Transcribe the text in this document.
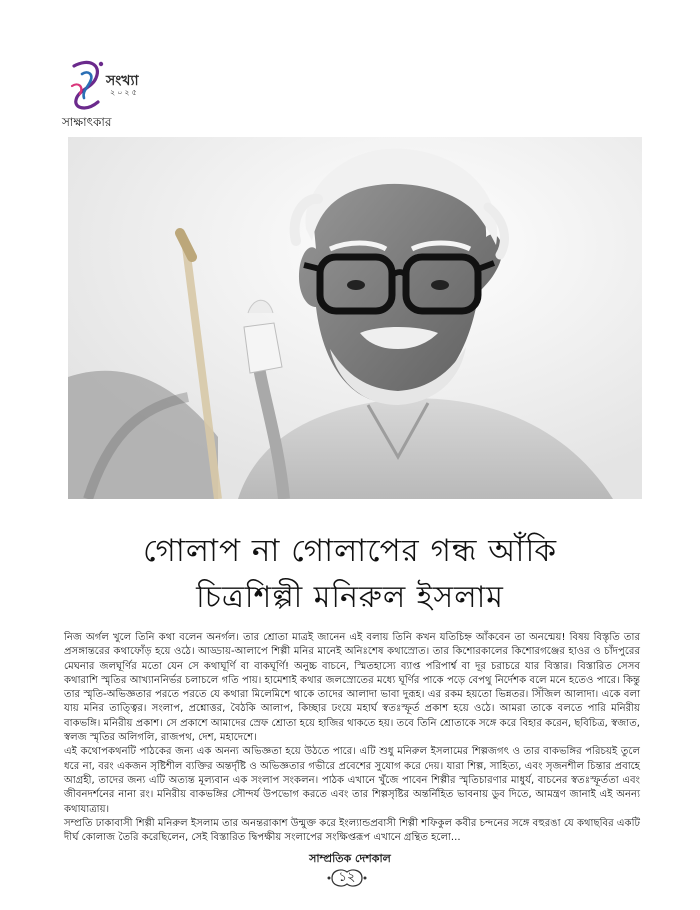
সংখ্যা
২০২৫
সাক্ষাৎকার
গোলাপ না গোলাপের গন্ধ আঁকি
চিত্রশিল্পী মনিরুল ইসলাম

নিজ অর্গল খুলে তিনি কথা বলেন অনর্গল। তার শ্রোতা মাত্রই জানেন এই বলায় তিনি কখন যতিচিহ্ন আঁকবেন তা অনন্মেয়! বিষয় বিস্তৃতি তার প্রসঙ্গান্তরের কথাফোঁড় হয়ে ওঠে। আড্ডায়-আলাপে শিল্পী মনির মানেই অনিঃশেষ কথাস্রোত। তার কিশোরকালের কিশোরগঞ্জের হাওর ও চাঁদপুরের মেঘনার জলঘূর্ণির মতো যেন সে কথাঘূর্ণি বা বাকঘূর্ণি! অনুচ্চ বাচনে, স্মিতহাস্যে ব্যাপ্ত পরিপার্শ্ব বা দূর চরাচরে যার বিস্তার। বিস্তারিত সেসব কথারাশি স্মৃতির আখ্যাননির্ভর চলাচলে গতি পায়। হামেশাই কথার জলস্রোতের মধ্যে ঘূর্ণির পাকে পড়ে বেপথু নির্দেশক বলে মনে হতেও পারে। কিন্তু তার স্মৃতি-অভিজ্ঞতার পরতে পরতে যে কথারা মিলেমিশে থাকে তাদের আলাদা ভাবা দুরূহ। এর রকম হয়তো ভিন্নতর। সিঁজিল আলাদা। একে বলা যায় মনির তাত্ত্বির। সংলাপ, প্রশ্নোত্তর, বৈঠকি আলাপ, কিচ্ছার ঢংয়ে মহার্ঘ স্বতঃস্ফূর্ত প্রকাশ হয়ে ওঠে। আমরা তাকে বলতে পারি মনিরীয় বাকভঙ্গি। মনিরীয় প্রকাশ। সে প্রকাশে আমাদের স্রেফ শ্রোতা হয়ে হাজির থাকতে হয়। তবে তিনি শ্রোতাকে সঙ্গে করে বিহার করেন, ছবিচিত্র, স্বজাত, স্বলজ স্মৃতির অলিগলি, রাজপথ, দেশ, মহাদেশে।

এই কথোপকথনটি পাঠকের জন্য এক অনন্য অভিজ্ঞতা হয়ে উঠতে পারে। এটি শুধু মনিরুল ইসলামের শিল্পজগৎ ও তার বাকভঙ্গির পরিচয়ই তুলে ধরে না, বরং একজন সৃষ্টিশীল ব্যক্তির অন্তর্দৃষ্টি ও অভিজ্ঞতার গভীরে প্রবেশের সুযোগ করে দেয়। যারা শিল্প, সাহিত্য, এবং সৃজনশীল চিন্তার প্রবাহে আগ্রহী, তাদের জন্য এটি অত্যন্ত মূল্যবান এক সংলাপ সংকলন। পাঠক এখানে খুঁজে পাবেন শিল্পীর স্মৃতিচারণার মাধুর্য, বাচনের স্বতঃস্ফূর্ততা এবং জীবনদর্শনের নানা রং। মনিরীয় বাকভঙ্গির সৌন্দর্য উপভোগ করতে এবং তার শিল্পসৃষ্টির অন্তর্নিহিত ভাবনায় ডুব দিতে, আমন্ত্রণ জানাই এই অনন্য কথাযাত্রায়।

সম্প্রতি ঢাকাবাসী শিল্পী মনিরুল ইসলাম তার অনন্তরাকাশ উন্মুক্ত করে ইংল্যান্ডপ্রবাসী শিল্পী শফিকুল কবীর চন্দনের সঙ্গে বহুরঙা যে কথাছবির একটি দীর্ঘ কোলাজ তৈরি করেছিলেন, সেই বিস্তারিত দ্বিপক্ষীয় সংলাপের সংক্ষিপ্তরূপ এখানে গ্রন্থিত হলো...

সাম্প্রতিক দেশকাল
১২
